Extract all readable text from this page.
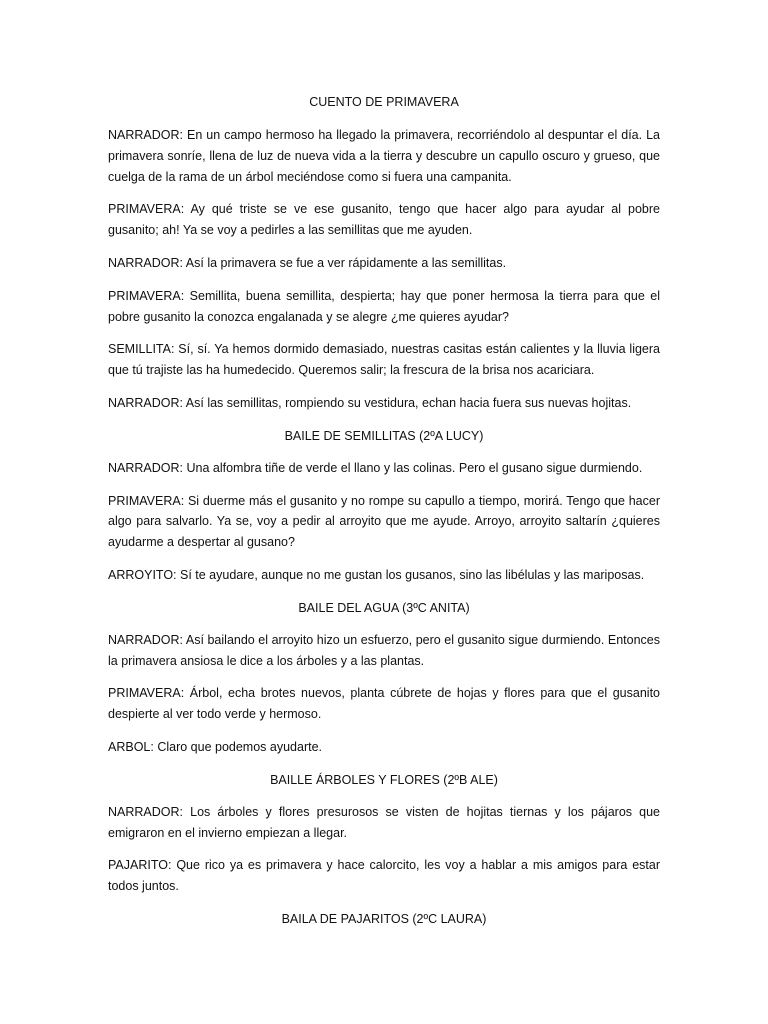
CUENTO DE PRIMAVERA
NARRADOR: En un campo hermoso ha llegado la primavera, recorriéndolo al despuntar el día. La primavera sonríe, llena de luz de nueva vida a la tierra y descubre un capullo oscuro y grueso, que cuelga de la rama de un árbol meciéndose como si fuera una campanita.
PRIMAVERA: Ay qué triste se ve ese gusanito, tengo que hacer algo para ayudar al pobre gusanito; ah! Ya se voy a pedirles a las semillitas que me ayuden.
NARRADOR: Así la primavera se fue a ver rápidamente a las semillitas.
PRIMAVERA: Semillita, buena semillita, despierta; hay que poner hermosa la tierra para que el pobre gusanito la conozca engalanada y se alegre ¿me quieres ayudar?
SEMILLITA: Sí, sí. Ya hemos dormido demasiado, nuestras casitas están calientes y la lluvia ligera que tú trajiste las ha humedecido. Queremos salir; la frescura de la brisa nos acariciara.
NARRADOR: Así las semillitas, rompiendo su vestidura, echan hacia fuera sus nuevas hojitas.
BAILE DE SEMILLITAS (2ºA LUCY)
NARRADOR: Una alfombra tiñe de verde el llano y las colinas. Pero el gusano sigue durmiendo.
PRIMAVERA: Si duerme más el gusanito y no rompe su capullo a tiempo, morirá. Tengo que hacer algo para salvarlo. Ya se, voy a pedir al arroyito que me ayude. Arroyo, arroyito saltarín ¿quieres ayudarme a despertar al gusano?
ARROYITO: Sí te ayudare, aunque no me gustan los gusanos, sino las libélulas y las mariposas.
BAILE DEL AGUA (3ºC ANITA)
NARRADOR: Así bailando el arroyito hizo un esfuerzo, pero el gusanito sigue durmiendo. Entonces la primavera ansiosa le dice a los árboles y a las plantas.
PRIMAVERA: Árbol, echa brotes nuevos, planta cúbrete de hojas y flores para que el gusanito despierte al ver todo verde y hermoso.
ARBOL: Claro que podemos ayudarte.
BAILLE ÁRBOLES Y FLORES (2ºB ALE)
NARRADOR: Los árboles y flores presurosos se visten de hojitas tiernas y los pájaros que emigraron en el invierno empiezan a llegar.
PAJARITO: Que rico ya es primavera y hace calorcito, les voy a hablar a mis amigos para estar todos juntos.
BAILA DE PAJARITOS (2ºC LAURA)
